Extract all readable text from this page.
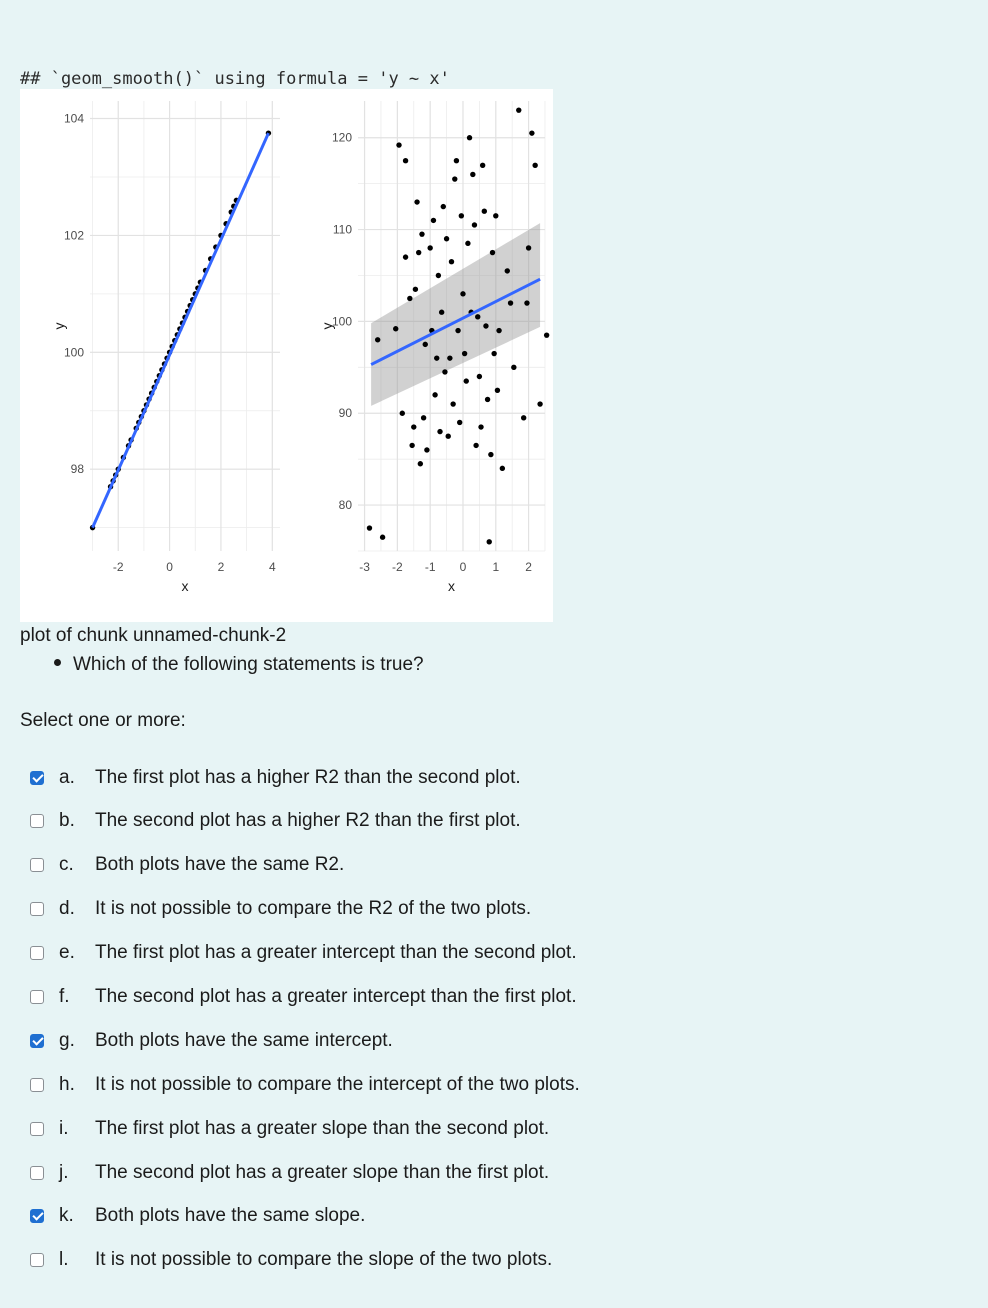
## `geom_smooth()` using formula = 'y ~ x'

-2	0	2	4
104
102
100
98
x
y
-3 -2 -1 0 1 2
120
110
100
90
80
x
y
plot of chunk unnamed-chunk-2
Which of the following statements is true?
Select one or more:
a. The first plot has a higher R2 than the second plot.
b. The second plot has a higher R2 than the first plot.
c. Both plots have the same R2.
d. It is not possible to compare the R2 of the two plots.
e. The first plot has a greater intercept than the second plot.
f. The second plot has a greater intercept than the first plot.
g. Both plots have the same intercept.
h. It is not possible to compare the intercept of the two plots.
i. The first plot has a greater slope than the second plot.
j. The second plot has a greater slope than the first plot.
k. Both plots have the same slope.
l. It is not possible to compare the slope of the two plots.
